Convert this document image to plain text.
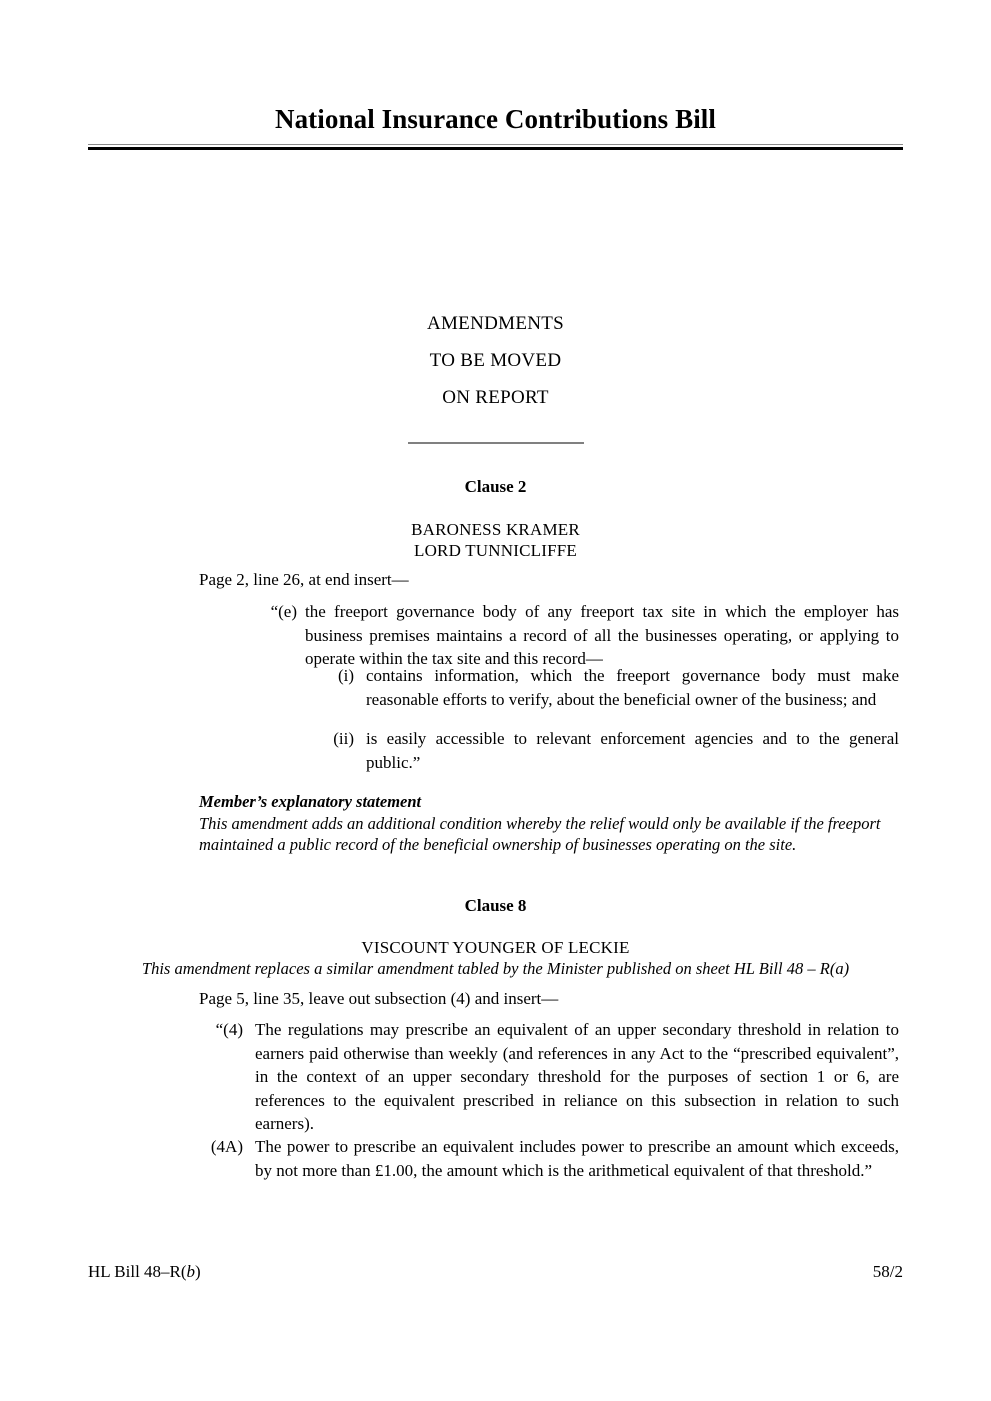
National Insurance Contributions Bill
AMENDMENTS
TO BE MOVED
ON REPORT
Clause 2
BARONESS KRAMER
LORD TUNNICLIFFE
Page 2, line 26, at end insert—
“(e) the freeport governance body of any freeport tax site in which the employer has business premises maintains a record of all the businesses operating, or applying to operate within the tax site and this record—
(i) contains information, which the freeport governance body must make reasonable efforts to verify, about the beneficial owner of the business; and
(ii) is easily accessible to relevant enforcement agencies and to the general public.”
Member’s explanatory statement
This amendment adds an additional condition whereby the relief would only be available if the freeport maintained a public record of the beneficial ownership of businesses operating on the site.
Clause 8
VISCOUNT YOUNGER OF LECKIE
This amendment replaces a similar amendment tabled by the Minister published on sheet HL Bill 48 – R(a)
Page 5, line 35, leave out subsection (4) and insert—
“(4) The regulations may prescribe an equivalent of an upper secondary threshold in relation to earners paid otherwise than weekly (and references in any Act to the “prescribed equivalent”, in the context of an upper secondary threshold for the purposes of section 1 or 6, are references to the equivalent prescribed in reliance on this subsection in relation to such earners).
(4A) The power to prescribe an equivalent includes power to prescribe an amount which exceeds, by not more than £1.00, the amount which is the arithmetical equivalent of that threshold.”
HL Bill 48–R(b)	58/2
